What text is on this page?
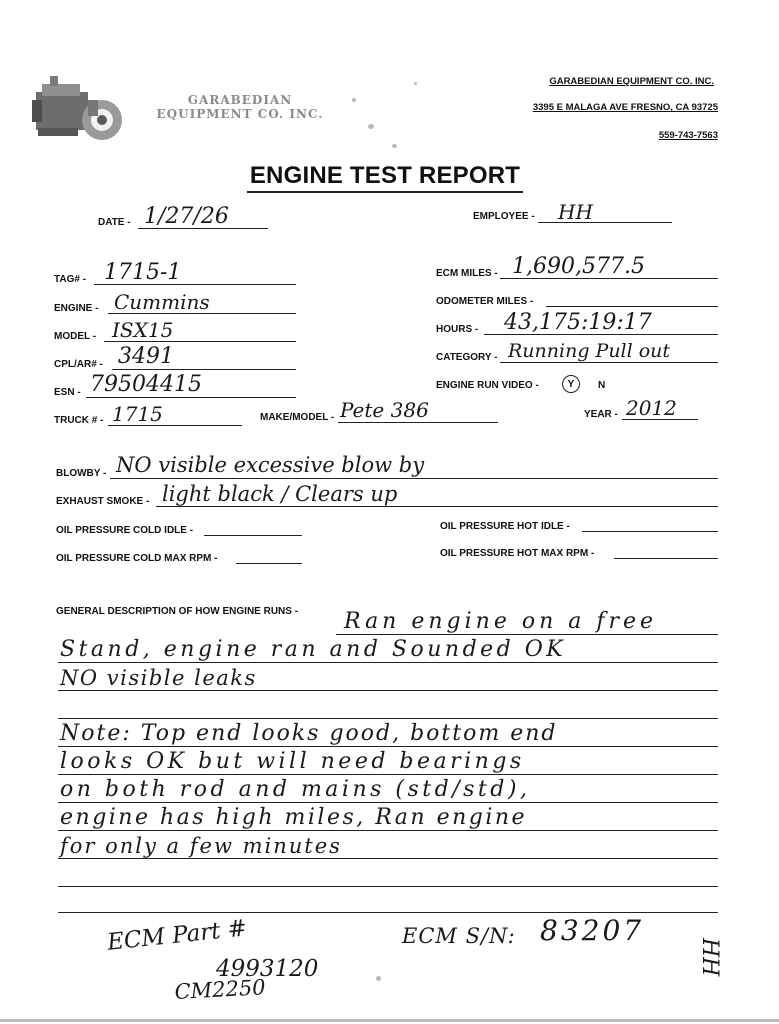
GARABEDIAN
EQUIPMENT CO. INC.
GARABEDIAN EQUIPMENT CO. INC.
3395 E MALAGA AVE FRESNO, CA 93725
559-743-7563
ENGINE TEST REPORT
DATE - 1/27/26	EMPLOYEE - HH
TAG# - 1715-1
ENGINE - Cummins
MODEL - ISX15
CPL/AR# - 3491
ESN - 79504415
TRUCK # - 1715	MAKE/MODEL - Pete 386	YEAR - 2012
ECM MILES - 1,690,577.5
ODOMETER MILES -
HOURS - 43,175:19:17
CATEGORY - Running Pull out
ENGINE RUN VIDEO -	Y	N
BLOWBY - NO visible excessive blow by
EXHAUST SMOKE - light black / Clears up
OIL PRESSURE COLD IDLE -	OIL PRESSURE HOT IDLE -
OIL PRESSURE COLD MAX RPM -	OIL PRESSURE HOT MAX RPM -
GENERAL DESCRIPTION OF HOW ENGINE RUNS - Ran engine on a free
Stand, engine ran and Sounded OK
NO visible leaks
Note: Top end looks good, bottom end
looks OK but will need bearings
on both rod and mains (std/std),
engine has high miles, Ran engine
for only a few minutes
ECM Part #
4993120
CM2250
ECM S/N: 83207
HH
